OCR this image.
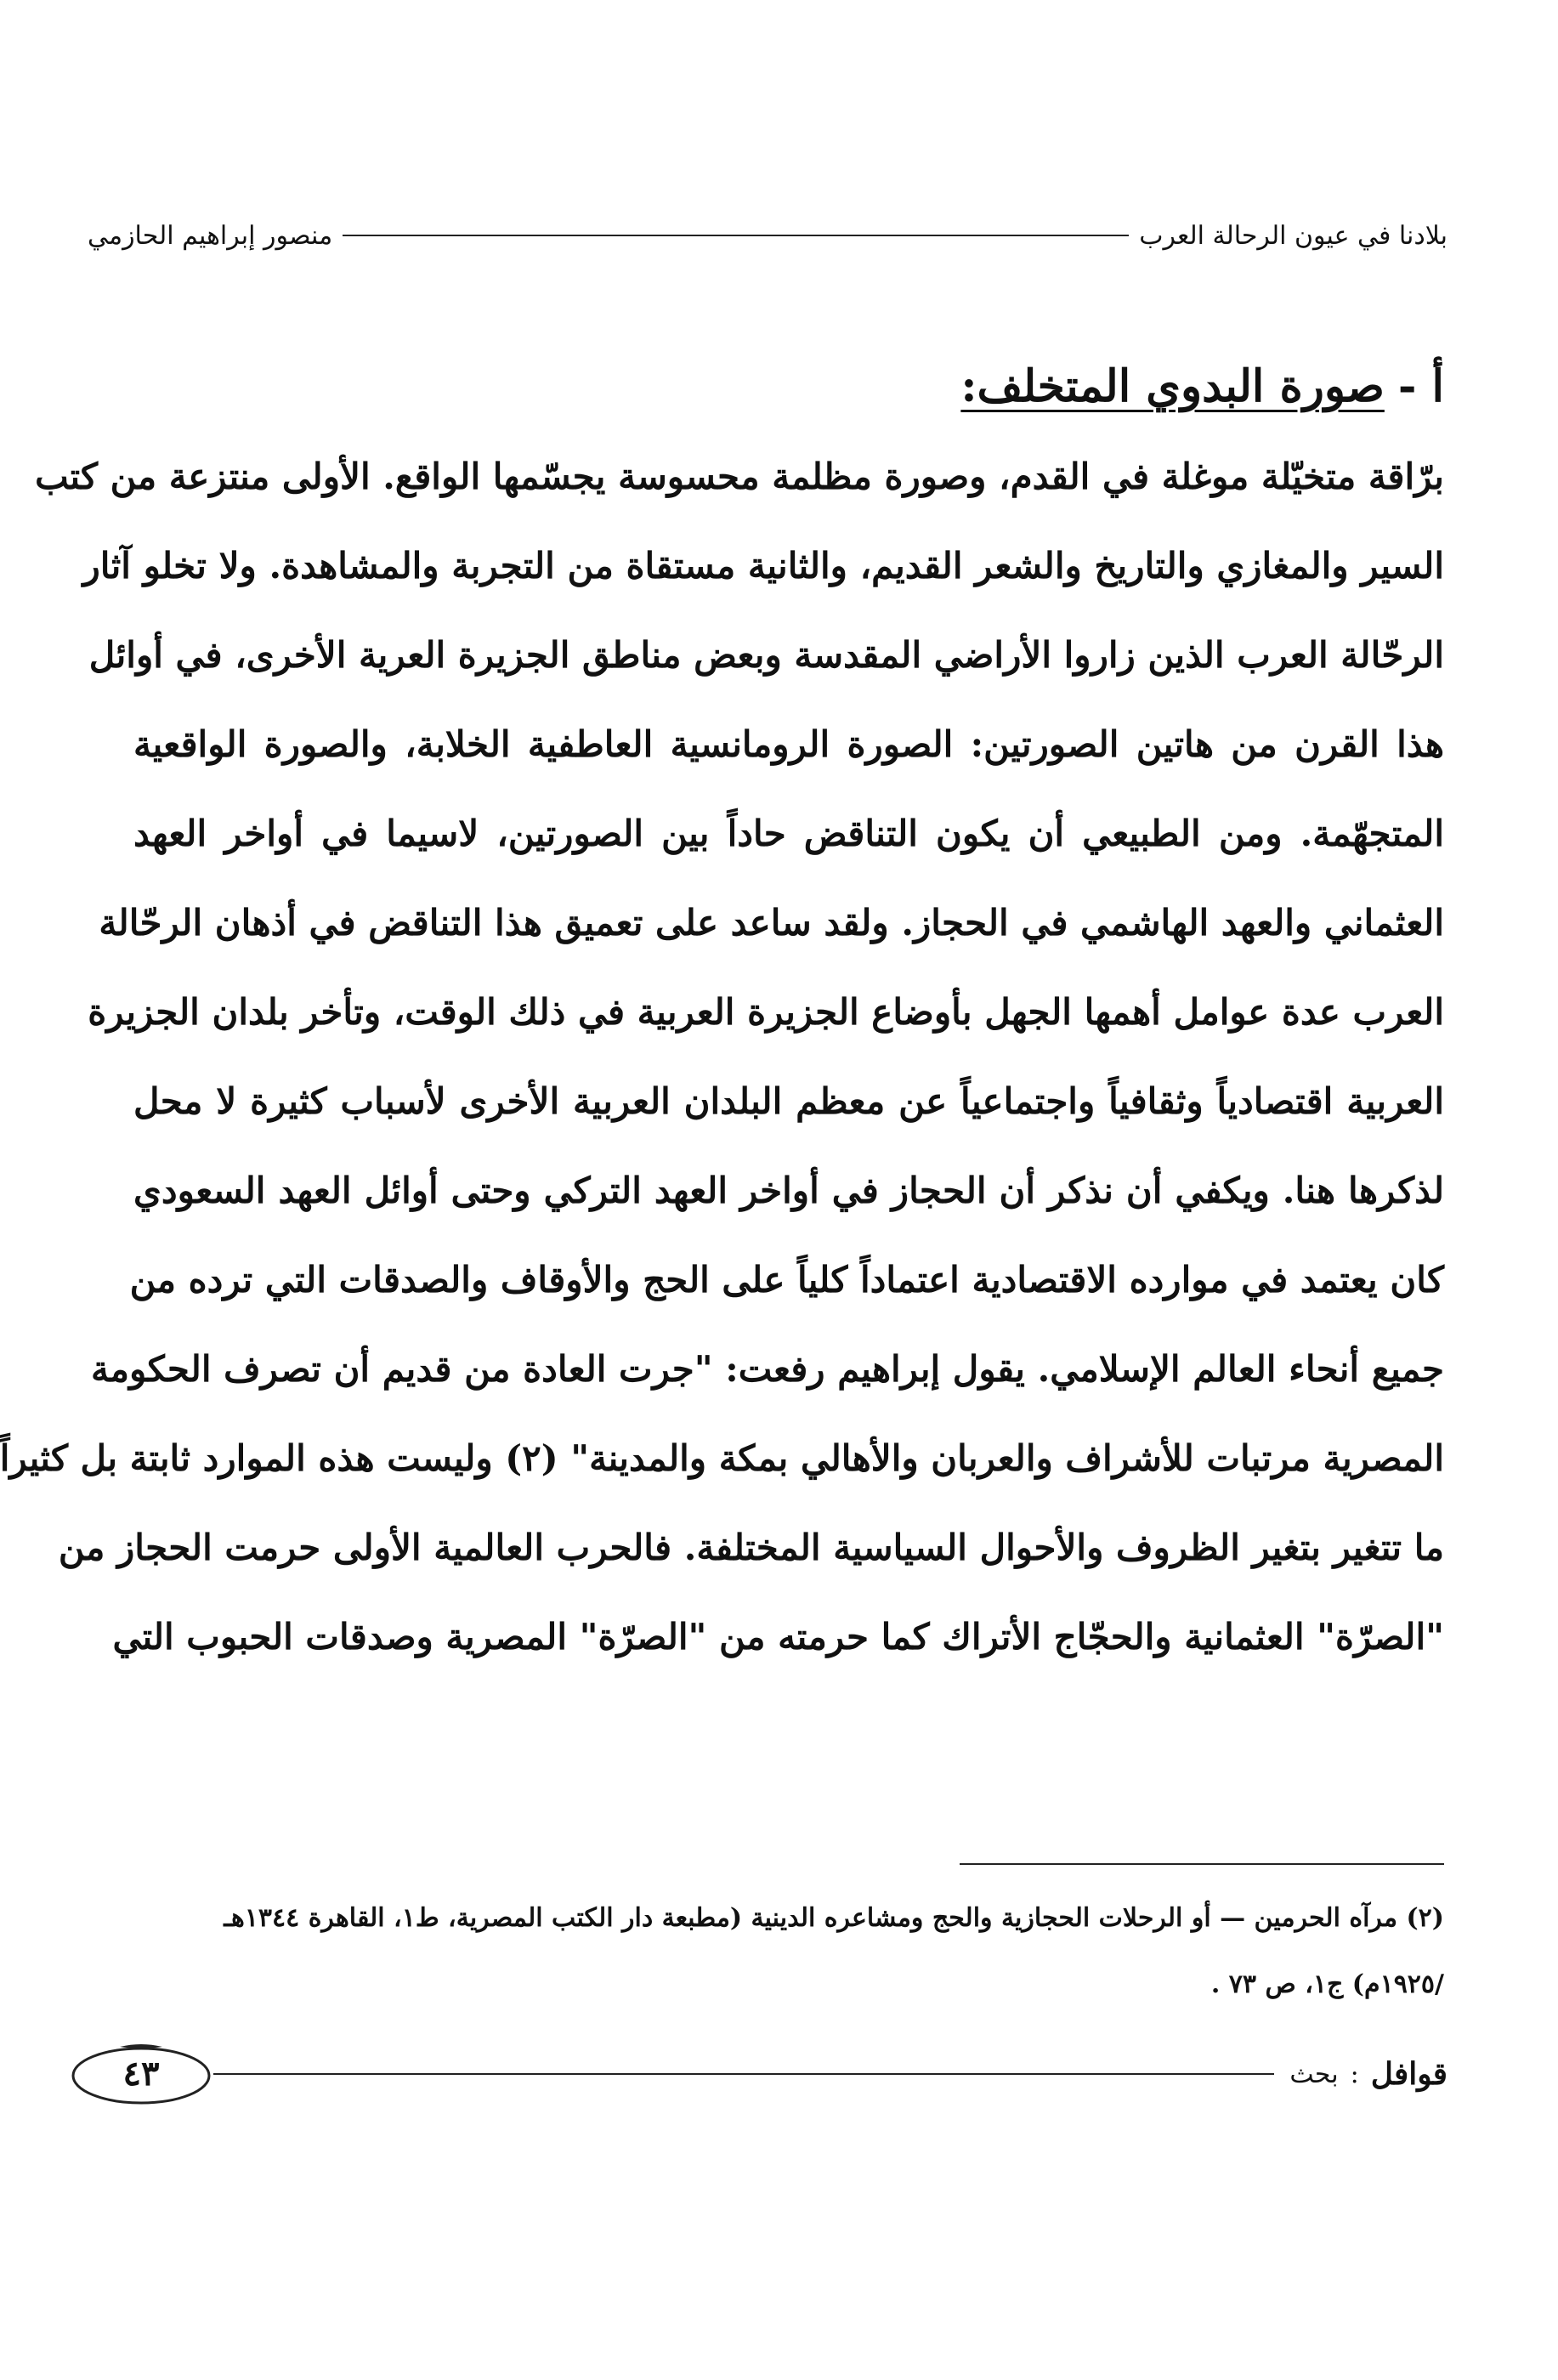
بلادنا في عيون الرحالة العرب
منصور إبراهيم الحازمي
أ -صورة البدوي المتخلف:
برّاقة متخيّلة موغلة في القدم، وصورة مظلمة محسوسة يجسّمها الواقع. الأولى منتزعة من كتب
السير والمغازي والتاريخ والشعر القديم، والثانية مستقاة من التجربة والمشاهدة. ولا تخلو آثار
الرحّالة العرب الذين زاروا الأراضي المقدسة وبعض مناطق الجزيرة العرية الأخرى، في أوائل
هذا القرن من هاتين الصورتين: الصورة الرومانسية العاطفية الخلابة، والصورة الواقعية
المتجهّمة. ومن الطبيعي أن يكون التناقض حاداً بين الصورتين، لاسيما في أواخر العهد
العثماني والعهد الهاشمي في الحجاز. ولقد ساعد على تعميق هذا التناقض في أذهان الرحّالة
العرب عدة عوامل أهمها الجهل بأوضاع الجزيرة العربية في ذلك الوقت، وتأخر بلدان الجزيرة
العربية اقتصادياً وثقافياً واجتماعياً عن معظم البلدان العربية الأخرى لأسباب كثيرة لا محل
لذكرها هنا. ويكفي أن نذكر أن الحجاز في أواخر العهد التركي وحتى أوائل العهد السعودي
كان يعتمد في موارده الاقتصادية اعتماداً كلياً على الحج والأوقاف والصدقات التي ترده من
جميع أنحاء العالم الإسلامي. يقول إبراهيم رفعت: "جرت العادة من قديم أن تصرف الحكومة
المصرية مرتبات للأشراف والعربان والأهالي بمكة والمدينة" (٢) وليست هذه الموارد ثابتة بل كثيراً
ما تتغير بتغير الظروف والأحوال السياسية المختلفة. فالحرب العالمية الأولى حرمت الحجاز من
"الصرّة" العثمانية والحجّاج الأتراك كما حرمته من "الصرّة" المصرية وصدقات الحبوب التي
(٢) مرآه الحرمين — أو الرحلات الحجازية والحج ومشاعره الدينية (مطبعة دار الكتب المصرية، ط١، القاهرة ١٣٤٤هـ
/١٩٢٥م) ج١، ص ٧٣ .
قوافل
:
بحث
٤٣
